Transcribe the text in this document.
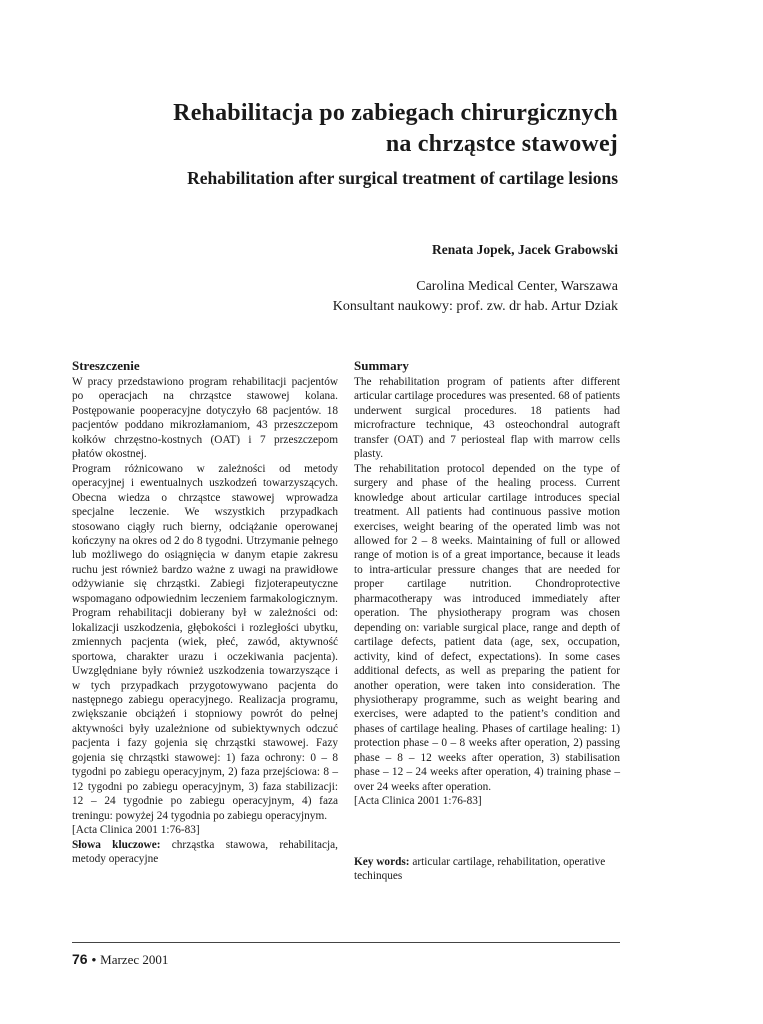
Rehabilitacja po zabiegach chirurgicznych
na chrząstce stawowej
Rehabilitation after surgical treatment of cartilage lesions
Renata Jopek, Jacek Grabowski
Carolina Medical Center, Warszawa
Konsultant naukowy: prof. zw. dr hab. Artur Dziak
Streszczenie

W pracy przedstawiono program rehabilitacji pacjentów po operacjach na chrząstce stawowej kolana. Postępowanie pooperacyjne dotyczyło 68 pacjentów. 18 pacjentów poddano mikrozłamaniom, 43 przeszczepom kołków chrzęstno-kostnych (OAT) i 7 przeszczepom płatów okostnej.

Program różnicowano w zależności od metody operacyjnej i ewentualnych uszkodzeń towarzyszących. Obecna wiedza o chrząstce stawowej wprowadza specjalne leczenie. We wszystkich przypadkach stosowano ciągły ruch bierny, odciążanie operowanej kończyny na okres od 2 do 8 tygodni. Utrzymanie pełnego lub możliwego do osiągnięcia w danym etapie zakresu ruchu jest również bardzo ważne z uwagi na prawidłowe odżywianie się chrząstki. Zabiegi fizjoterapeutyczne wspomagano odpowiednim leczeniem farmakologicznym. Program rehabilitacji dobierany był w zależności od: lokalizacji uszkodzenia, głębokości i rozległości ubytku, zmiennych pacjenta (wiek, płeć, zawód, aktywność sportowa, charakter urazu i oczekiwania pacjenta). Uwzględniane były również uszkodzenia towarzyszące i w tych przypadkach przygotowywano pacjenta do następnego zabiegu operacyjnego. Realizacja programu, zwiększanie obciążeń i stopniowy powrót do pełnej aktywności były uzależnione od subiektywnych odczuć pacjenta i fazy gojenia się chrząstki stawowej. Fazy gojenia się chrząstki stawowej: 1) faza ochrony: 0 – 8 tygodni po zabiegu operacyjnym, 2) faza przejściowa: 8 – 12 tygodni po zabiegu operacyjnym, 3) faza stabilizacji: 12 – 24 tygodnie po zabiegu operacyjnym, 4) faza treningu: powyżej 24 tygodnia po zabiegu operacyjnym.

[Acta Clinica 2001 1:76-83]

Słowa kluczowe: chrząstka stawowa, rehabilitacja, metody operacyjne

Summary

The rehabilitation program of patients after different articular cartilage procedures was presented. 68 of patients underwent surgical procedures. 18 patients had microfracture technique, 43 osteochondral autograft transfer (OAT) and 7 periosteal flap with marrow cells plasty.

The rehabilitation protocol depended on the type of surgery and phase of the healing process. Current knowledge about articular cartilage introduces special treatment. All patients had continuous passive motion exercises, weight bearing of the operated limb was not allowed for 2 – 8 weeks. Maintaining of full or allowed range of motion is of a great importance, because it leads to intra-articular pressure changes that are needed for proper cartilage nutrition. Chondroprotective pharmacotherapy was introduced immediately after operation. The physiotherapy program was chosen depending on: variable surgical place, range and depth of cartilage defects, patient data (age, sex, occupation, activity, kind of defect, expectations). In some cases additional defects, as well as preparing the patient for another operation, were taken into consideration. The physiotherapy programme, such as weight bearing and exercises, were adapted to the patient’s condition and phases of cartilage healing. Phases of cartilage healing: 1) protection phase – 0 – 8 weeks after operation, 2) passing phase – 8 – 12 weeks after operation, 3) stabilisation phase – 12 – 24 weeks after operation, 4) training phase – over 24 weeks after operation.

[Acta Clinica 2001 1:76-83]

Key words: articular cartilage, rehabilitation, operative techinques
76 • Marzec 2001
